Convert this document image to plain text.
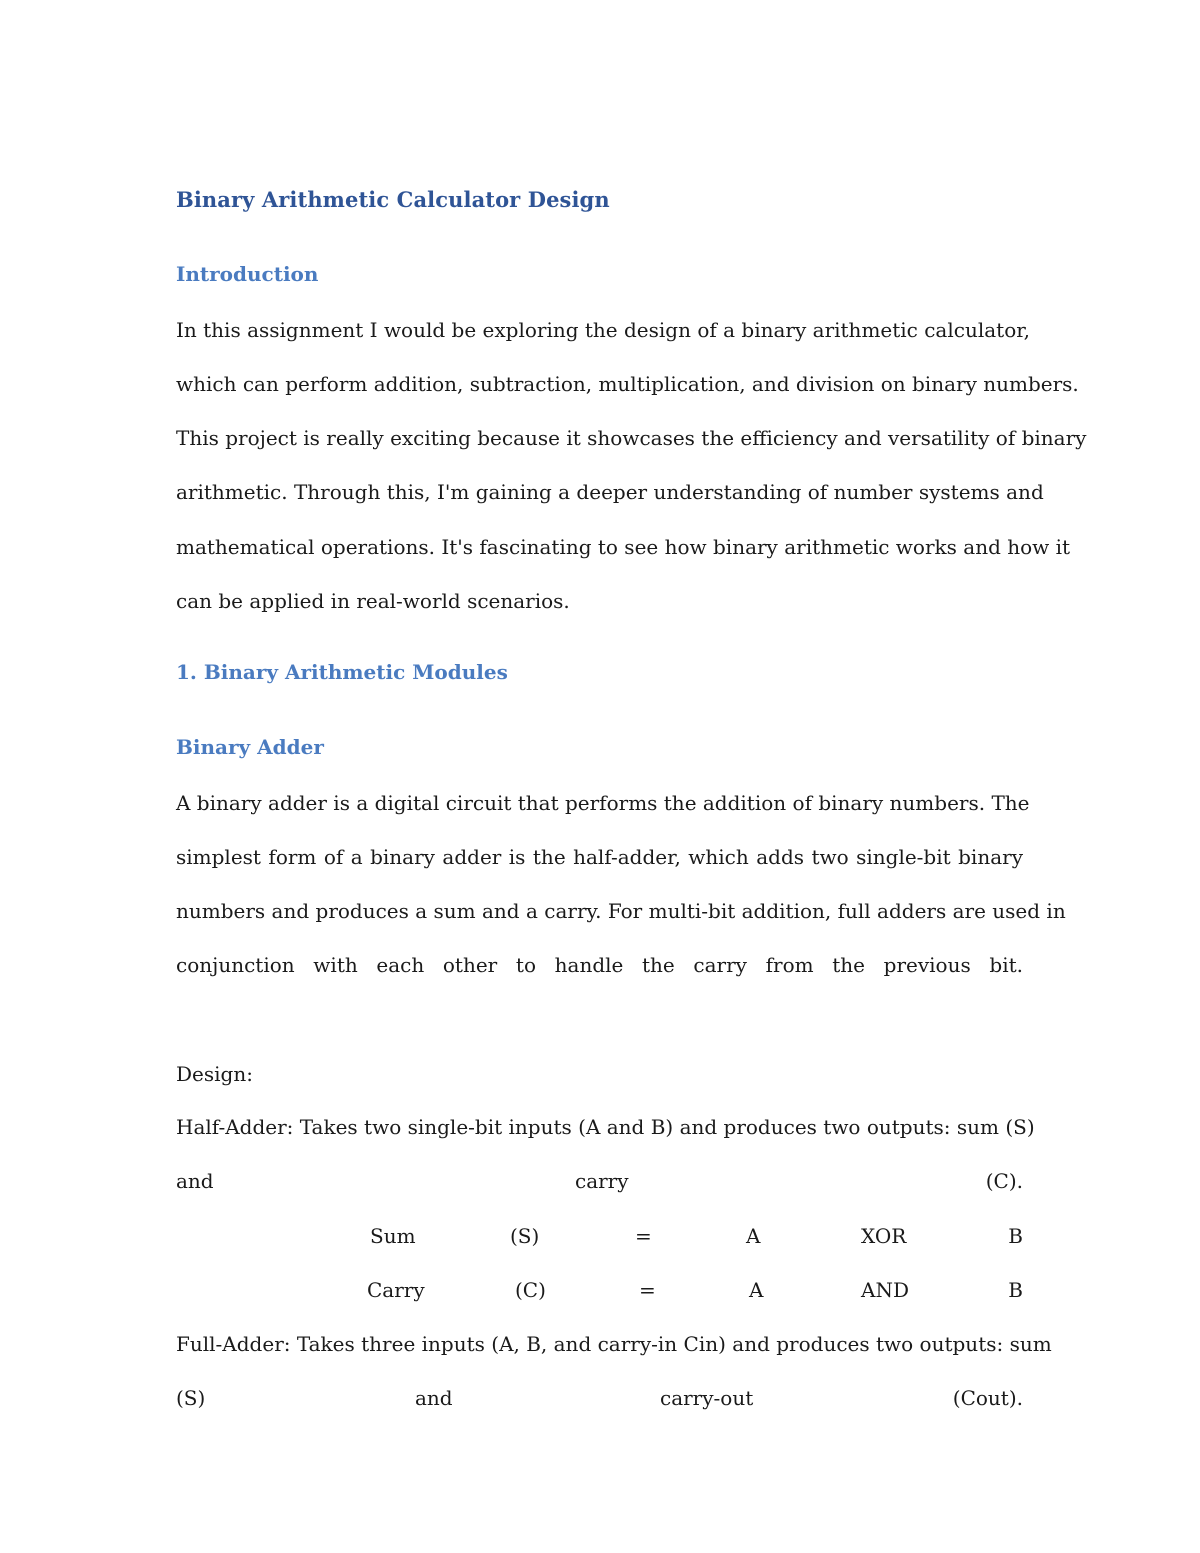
Binary Arithmetic Calculator Design
Introduction
In this assignment I would be exploring the design of a binary arithmetic calculator,
which can perform addition, subtraction, multiplication, and division on binary numbers.
This project is really exciting because it showcases the efficiency and versatility of binary
arithmetic. Through this, I'm gaining a deeper understanding of number systems and
mathematical operations. It's fascinating to see how binary arithmetic works and how it
can be applied in real-world scenarios.
1. Binary Arithmetic Modules
Binary Adder
A binary adder is a digital circuit that performs the addition of binary numbers. The
simplest form of a binary adder is the half-adder, which adds two single-bit binary
numbers and produces a sum and a carry. For multi-bit addition, full adders are used in
conjunction with each other to handle the carry from the previous bit.
Design:
Half-Adder: Takes two single-bit inputs (A and B) and produces two outputs: sum (S)
and	carry	(C).
Sum	(S)	=	A	XOR	B
Carry	(C)	=	A	AND	B
Full-Adder: Takes three inputs (A, B, and carry-in Cin) and produces two outputs: sum
(S)	and	carry-out	(Cout).
